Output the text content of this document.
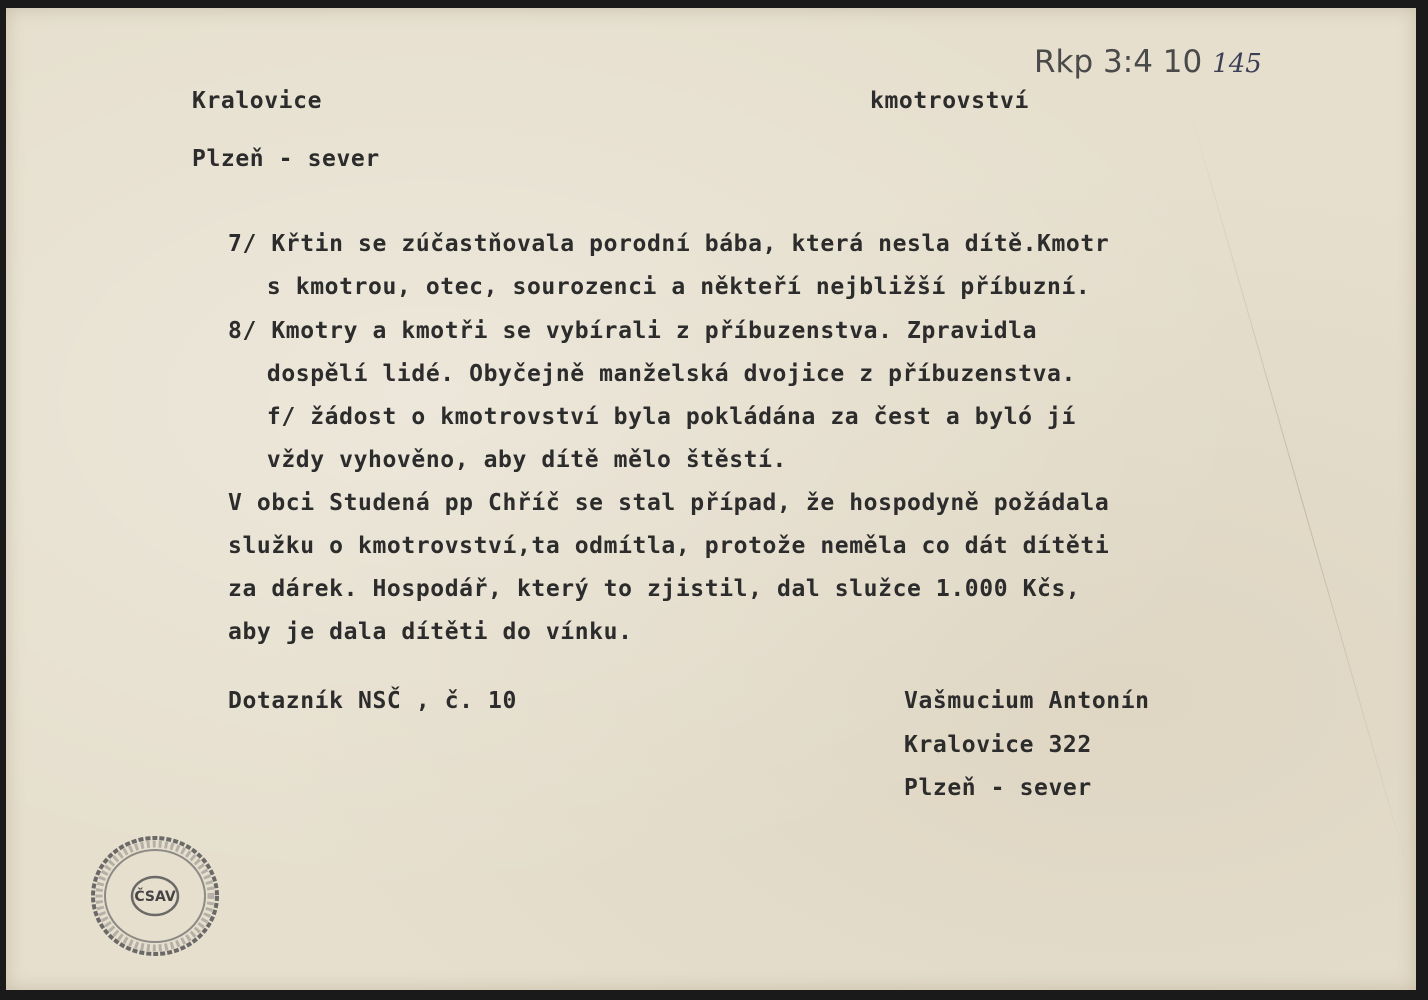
Rkp 3:4 10 145
Kralovice	kmotrovství
Plzeň - sever
7/ Křtin se zúčastňovala porodní bába, která nesla dítě.Kmotr
s kmotrou, otec, sourozenci a někteří nejbližší příbuzní.
8/ Kmotry a kmotři se vybírali z příbuzenstva. Zpravidla
dospělí lidé. Obyčejně manželská dvojice z příbuzenstva.
f/ žádost o kmotrovství byla pokládána za čest a byló jí
vždy vyhověno, aby dítě mělo štěstí.
V obci Studená pp Chříč se stal případ, že hospodyně požádala
služku o kmotrovství,ta odmítla, protože neměla co dát dítěti
za dárek. Hospodář, který to zjistil, dal služce 1.000 Kčs,
aby je dala dítěti do vínku.
Dotazník NSČ , č. 10	Vašmucium Antonín
Kralovice 322
Plzeň - sever
ČSAV
